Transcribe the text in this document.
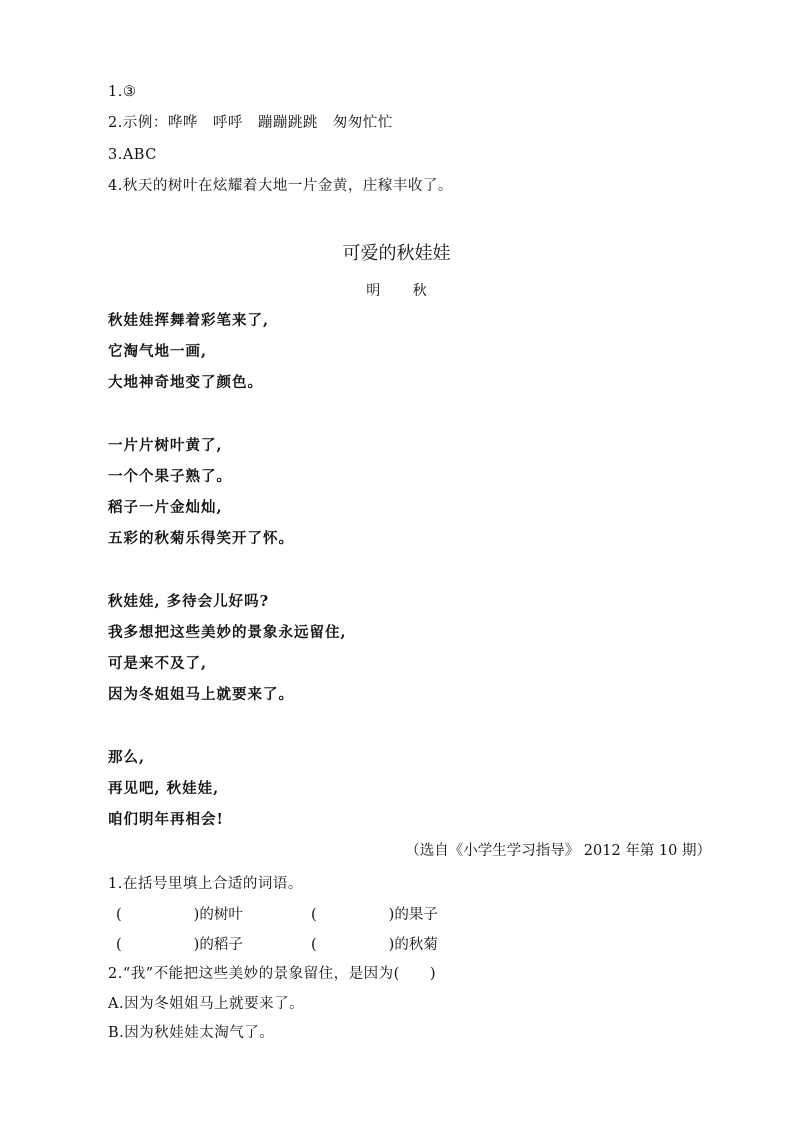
1.③
2.示例：哗哗　呼呼　蹦蹦跳跳　匆匆忙忙
3.ABC
4.秋天的树叶在炫耀着大地一片金黄，庄稼丰收了。
可爱的秋娃娃
明 秋
秋娃娃挥舞着彩笔来了,
它淘气地一画,
大地神奇地变了颜色。
一片片树叶黄了,
一个个果子熟了。
稻子一片金灿灿,
五彩的秋菊乐得笑开了怀。
秋娃娃, 多待会儿好吗?
我多想把这些美妙的景象永远留住,
可是来不及了,
因为冬姐姐马上就要来了。
那么,
再见吧, 秋娃娃,
咱们明年再相会!
（选自《小学生学习指导》 2012 年第 10 期）
1.在括号里填上合适的词语。
(	)的树叶	(	)的果子
(	)的稻子	(	)的秋菊
2.“我”不能把这些美妙的景象留住，是因为(　　)
A.因为冬姐姐马上就要来了。
B.因为秋娃娃太淘气了。
